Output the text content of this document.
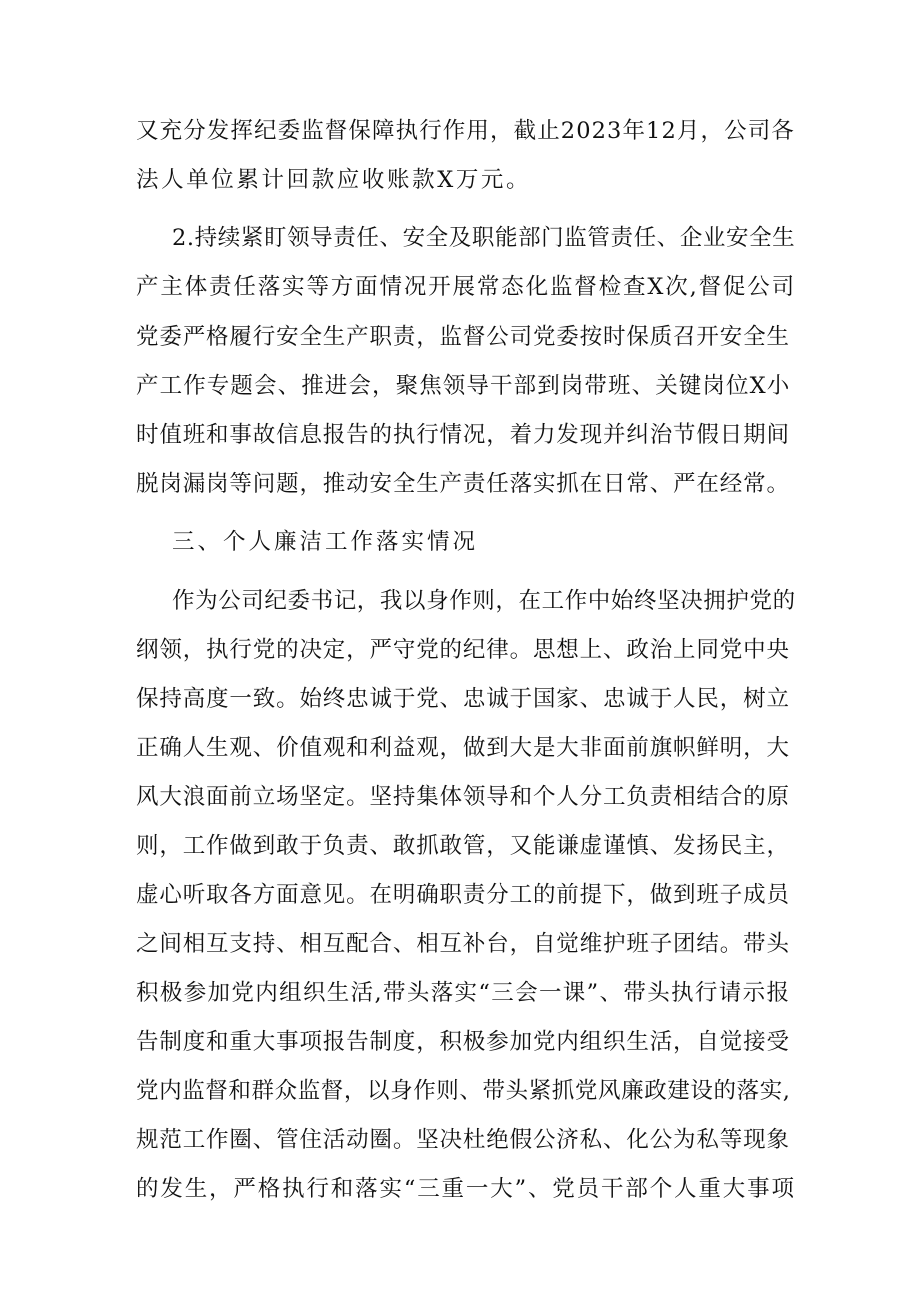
又充分发挥纪委监督保障执行作用，截止2023年12月，公司各
法人单位累计回款应收账款X万元。
2.持续紧盯领导责任、安全及职能部门监管责任、企业安全生
产主体责任落实等方面情况开展常态化监督检查X次,督促公司
党委严格履行安全生产职责，监督公司党委按时保质召开安全生
产工作专题会、推进会，聚焦领导干部到岗带班、关键岗位X小
时值班和事故信息报告的执行情况，着力发现并纠治节假日期间
脱岗漏岗等问题，推动安全生产责任落实抓在日常、严在经常。
三、个人廉洁工作落实情况
作为公司纪委书记，我以身作则，在工作中始终坚决拥护党的
纲领，执行党的决定，严守党的纪律。思想上、政治上同党中央
保持高度一致。始终忠诚于党、忠诚于国家、忠诚于人民，树立
正确人生观、价值观和利益观，做到大是大非面前旗帜鲜明，大
风大浪面前立场坚定。坚持集体领导和个人分工负责相结合的原
则，工作做到敢于负责、敢抓敢管，又能谦虚谨慎、发扬民主，
虚心听取各方面意见。在明确职责分工的前提下，做到班子成员
之间相互支持、相互配合、相互补台，自觉维护班子团结。带头
积极参加党内组织生活,带头落实“三会一课”、带头执行请示报
告制度和重大事项报告制度，积极参加党内组织生活，自觉接受
党内监督和群众监督，以身作则、带头紧抓党风廉政建设的落实,
规范工作圈、管住活动圈。坚决杜绝假公济私、化公为私等现象
的发生，严格执行和落实“三重一大”、党员干部个人重大事项
